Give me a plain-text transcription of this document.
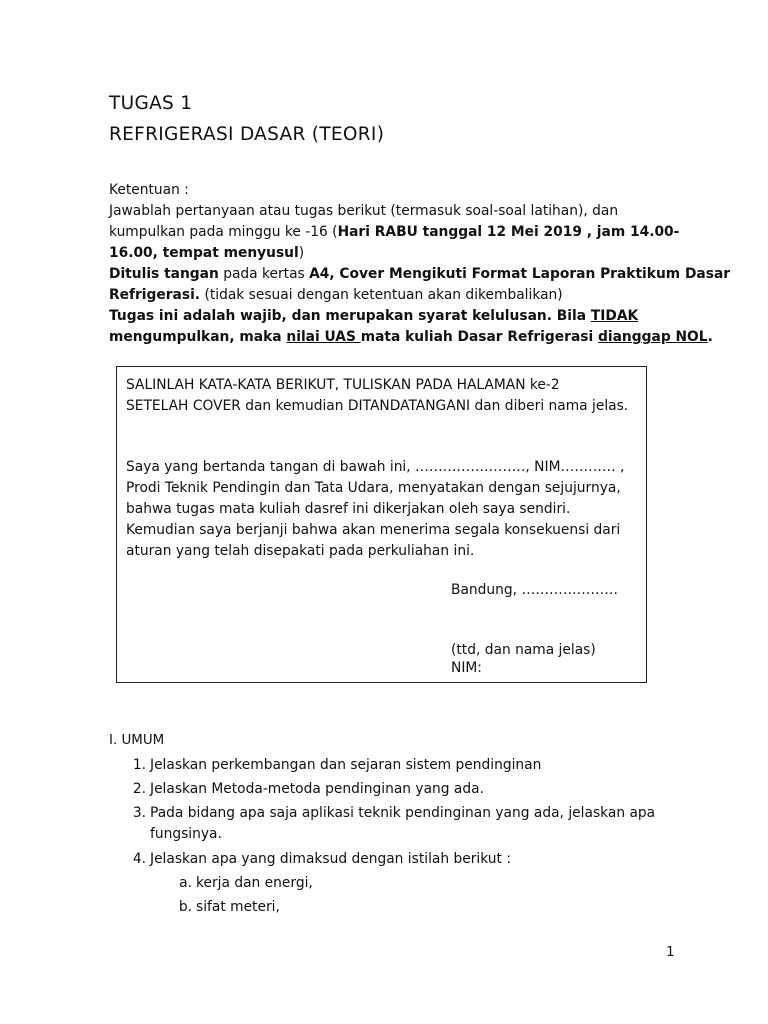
TUGAS 1
REFRIGERASI DASAR (TEORI)
Ketentuan :
Jawablah pertanyaan atau tugas berikut (termasuk soal-soal latihan), dan
kumpulkan pada minggu ke -16 (Hari RABU tanggal 12 Mei 2019 , jam 14.00-
16.00, tempat menyusul)
Ditulis tangan pada kertas A4, Cover Mengikuti Format Laporan Praktikum Dasar
Refrigerasi. (tidak sesuai dengan ketentuan akan dikembalikan)
Tugas ini adalah wajib, dan merupakan syarat kelulusan. Bila TIDAK
mengumpulkan, maka nilai UAS mata kuliah Dasar Refrigerasi dianggap NOL.
SALINLAH KATA-KATA BERIKUT, TULISKAN PADA HALAMAN ke-2
SETELAH COVER dan kemudian DITANDATANGANI dan diberi nama jelas.
Saya yang bertanda tangan di bawah ini, ……………………, NIM………… ,
Prodi Teknik Pendingin dan Tata Udara, menyatakan dengan sejujurnya,
bahwa tugas mata kuliah dasref ini dikerjakan oleh saya sendiri.
Kemudian saya berjanji bahwa akan menerima segala konsekuensi dari
aturan yang telah disepakati pada perkuliahan ini.
Bandung, …………………
(ttd, dan nama jelas)
NIM:
I. UMUM
1. Jelaskan perkembangan dan sejaran sistem pendinginan
2. Jelaskan Metoda-metoda pendinginan yang ada.
3. Pada bidang apa saja aplikasi teknik pendinginan yang ada, jelaskan apa
fungsinya.
4. Jelaskan apa yang dimaksud dengan istilah berikut :
a. kerja dan energi,
b. sifat meteri,
1
